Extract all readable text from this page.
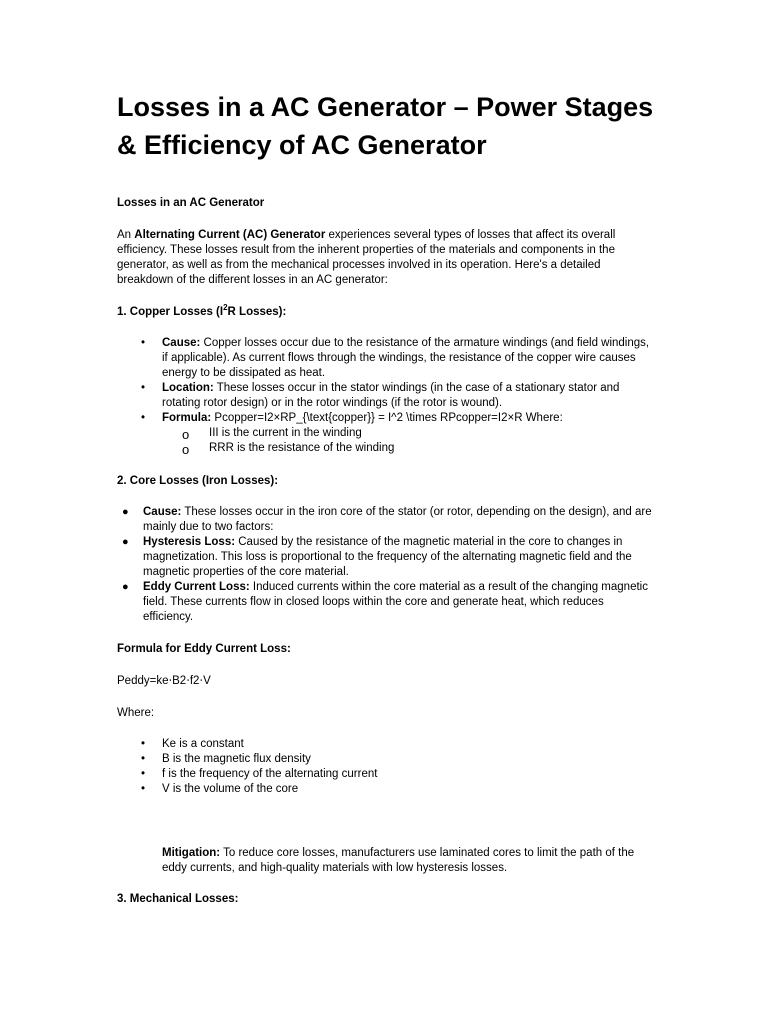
Losses in a AC Generator – Power Stages & Efficiency of AC Generator
Losses in an AC Generator
An Alternating Current (AC) Generator experiences several types of losses that affect its overall efficiency. These losses result from the inherent properties of the materials and components in the generator, as well as from the mechanical processes involved in its operation. Here's a detailed breakdown of the different losses in an AC generator:
1. Copper Losses ($I^2R$ Losses):
• Cause: Copper losses occur due to the resistance of the armature windings (and field windings, if applicable). As current flows through the windings, the resistance of the copper wire causes energy to be dissipated as heat.
• Location: These losses occur in the stator windings (in the case of a stationary stator and rotating rotor design) or in the rotor windings (if the rotor is wound).
• Formula: Pcopper=I2×RP_{\text{copper}} = I^2 \times RPcopper=I2×R Where:
o III is the current in the winding
o RRR is the resistance of the winding
2. Core Losses (Iron Losses):
● Cause: These losses occur in the iron core of the stator (or rotor, depending on the design), and are mainly due to two factors:
● Hysteresis Loss: Caused by the resistance of the magnetic material in the core to changes in magnetization. This loss is proportional to the frequency of the alternating magnetic field and the magnetic properties of the core material.
● Eddy Current Loss: Induced currents within the core material as a result of the changing magnetic field. These currents flow in closed loops within the core and generate heat, which reduces efficiency.
Formula for Eddy Current Loss:
Peddy=ke⋅B2⋅f2⋅V
Where:
• Ke is a constant
• B is the magnetic flux density
• f is the frequency of the alternating current
• V is the volume of the core
Mitigation: To reduce core losses, manufacturers use laminated cores to limit the path of the eddy currents, and high-quality materials with low hysteresis losses.
3. Mechanical Losses:
